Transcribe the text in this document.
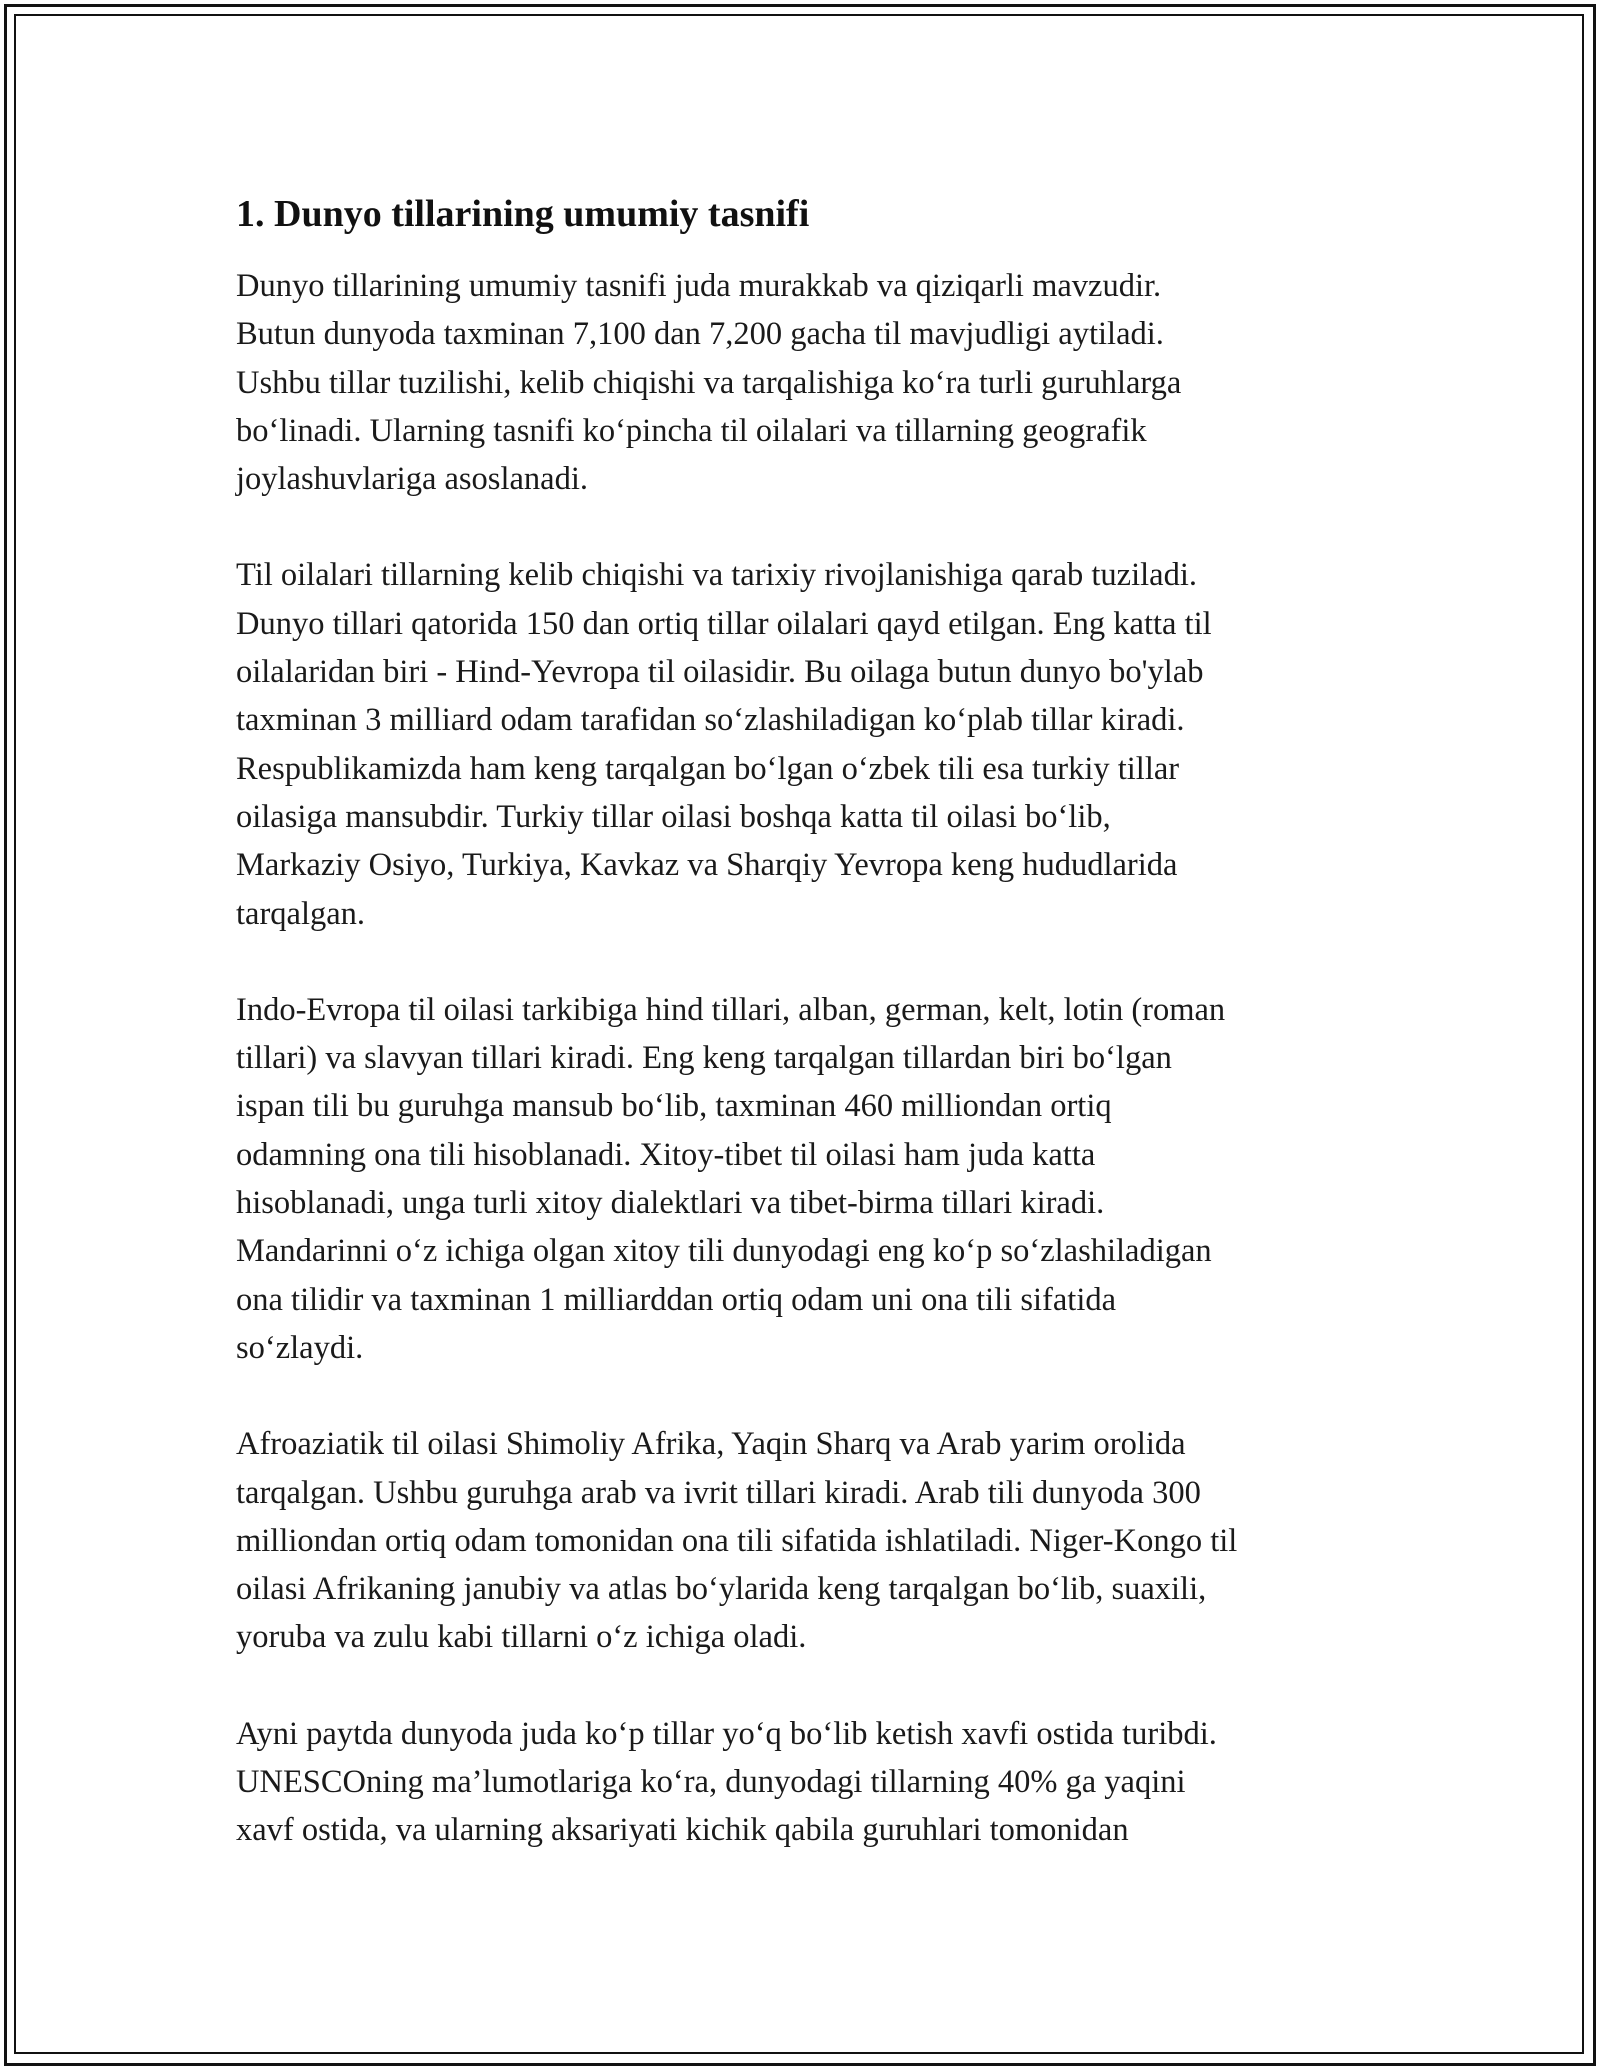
1. Dunyo tillarining umumiy tasnifi

Dunyo tillarining umumiy tasnifi juda murakkab va qiziqarli mavzudir.
Butun dunyoda taxminan 7,100 dan 7,200 gacha til mavjudligi aytiladi.
Ushbu tillar tuzilishi, kelib chiqishi va tarqalishiga ko‘ra turli guruhlarga
bo‘linadi. Ularning tasnifi ko‘pincha til oilalari va tillarning geografik
joylashuvlariga asoslanadi.

Til oilalari tillarning kelib chiqishi va tarixiy rivojlanishiga qarab tuziladi.
Dunyo tillari qatorida 150 dan ortiq tillar oilalari qayd etilgan. Eng katta til
oilalaridan biri - Hind-Yevropa til oilasidir. Bu oilaga butun dunyo bo'ylab
taxminan 3 milliard odam tarafidan so‘zlashiladigan ko‘plab tillar kiradi.
Respublikamizda ham keng tarqalgan bo‘lgan o‘zbek tili esa turkiy tillar
oilasiga mansubdir. Turkiy tillar oilasi boshqa katta til oilasi bo‘lib,
Markaziy Osiyo, Turkiya, Kavkaz va Sharqiy Yevropa keng hududlarida
tarqalgan.

Indo-Evropa til oilasi tarkibiga hind tillari, alban, german, kelt, lotin (roman
tillari) va slavyan tillari kiradi. Eng keng tarqalgan tillardan biri bo‘lgan
ispan tili bu guruhga mansub bo‘lib, taxminan 460 milliondan ortiq
odamning ona tili hisoblanadi. Xitoy-tibet til oilasi ham juda katta
hisoblanadi, unga turli xitoy dialektlari va tibet-birma tillari kiradi.
Mandarinni o‘z ichiga olgan xitoy tili dunyodagi eng ko‘p so‘zlashiladigan
ona tilidir va taxminan 1 milliarddan ortiq odam uni ona tili sifatida
so‘zlaydi.

Afroaziatik til oilasi Shimoliy Afrika, Yaqin Sharq va Arab yarim orolida
tarqalgan. Ushbu guruhga arab va ivrit tillari kiradi. Arab tili dunyoda 300
milliondan ortiq odam tomonidan ona tili sifatida ishlatiladi. Niger-Kongo til
oilasi Afrikaning janubiy va atlas bo‘ylarida keng tarqalgan bo‘lib, suaxili,
yoruba va zulu kabi tillarni o‘z ichiga oladi.

Ayni paytda dunyoda juda ko‘p tillar yo‘q bo‘lib ketish xavfi ostida turibdi.
UNESCOning ma’lumotlariga ko‘ra, dunyodagi tillarning 40% ga yaqini
xavf ostida, va ularning aksariyati kichik qabila guruhlari tomonidan
